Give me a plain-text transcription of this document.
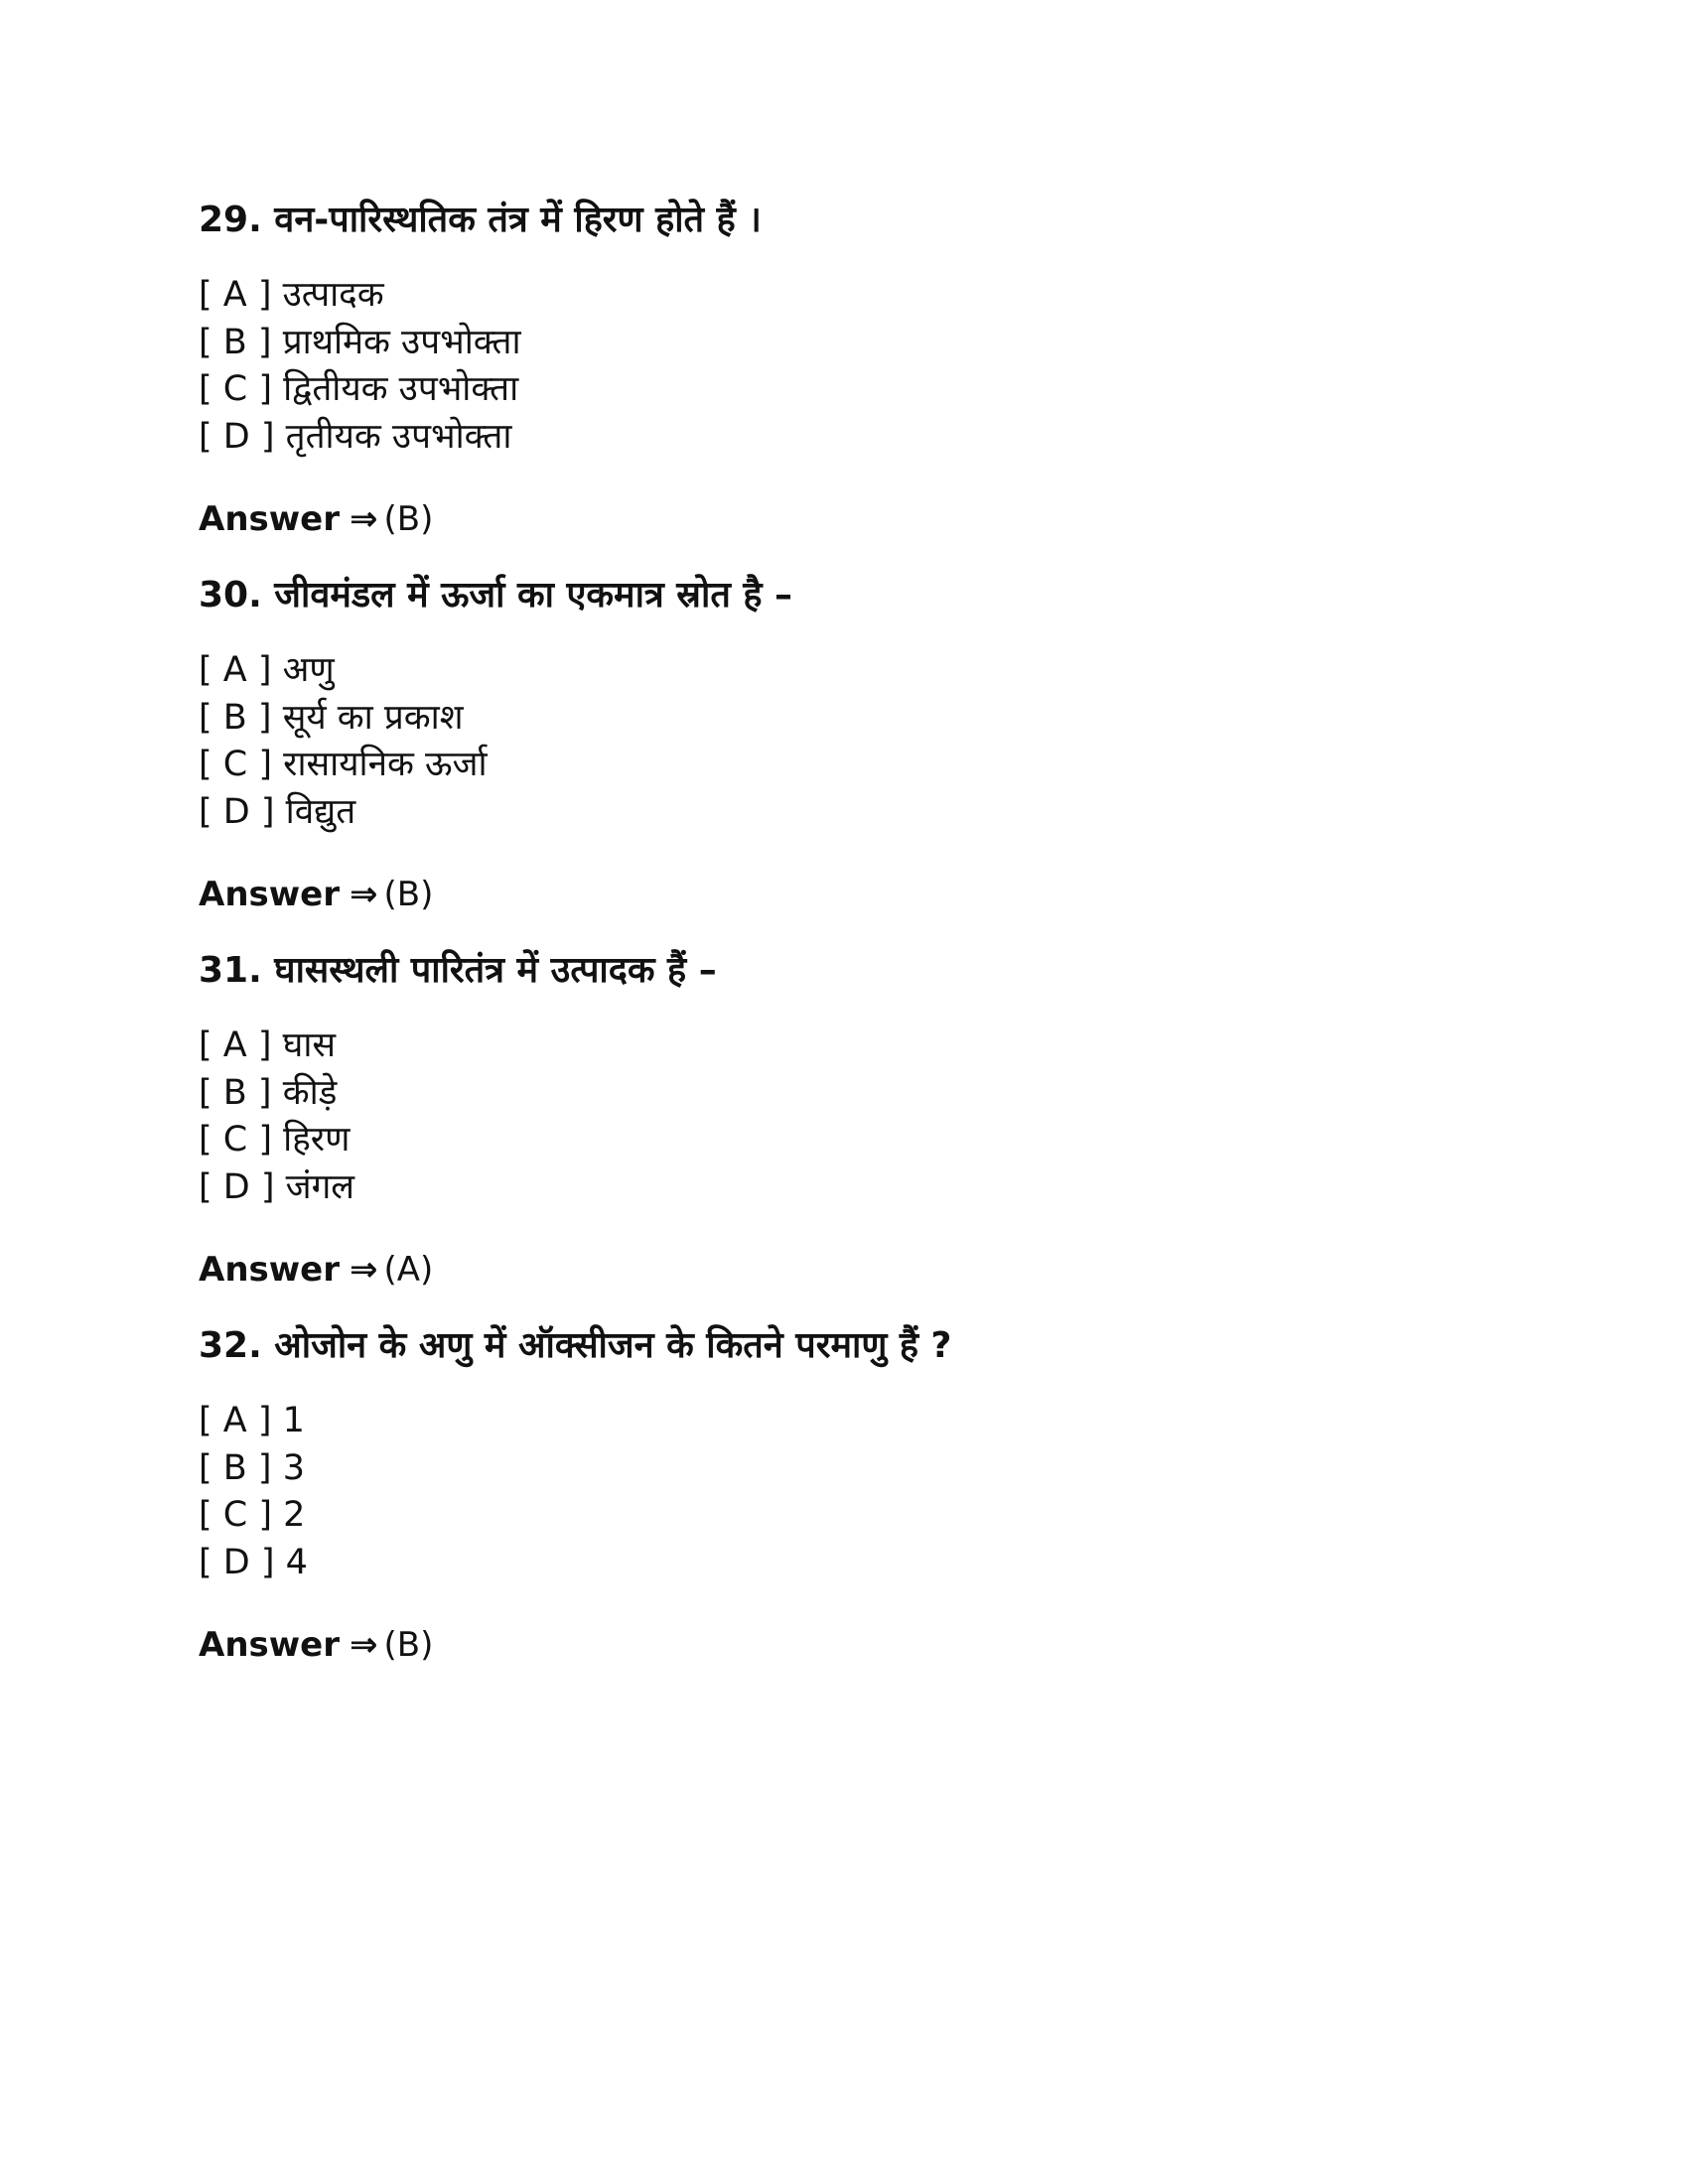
29. वन-पारिस्थतिक तंत्र में हिरण होते हैं ।

[ A ] उत्पादक
[ B ] प्राथमिक उपभोक्ता
[ C ] द्वितीयक उपभोक्ता
[ D ] तृतीयक उपभोक्ता
Answer ⇒ (B)

30. जीवमंडल में ऊर्जा का एकमात्र स्रोत है –

[ A ] अणु
[ B ] सूर्य का प्रकाश
[ C ] रासायनिक ऊर्जा
[ D ] विद्युत
Answer ⇒ (B)

31. घासस्थली पारितंत्र में उत्पादक हैं –

[ A ] घास
[ B ] कीड़े
[ C ] हिरण
[ D ] जंगल
Answer ⇒ (A)

32. ओजोन के अणु में ऑक्सीजन के कितने परमाणु हैं ?

[ A ] 1
[ B ] 3
[ C ] 2
[ D ] 4
Answer ⇒ (B)
